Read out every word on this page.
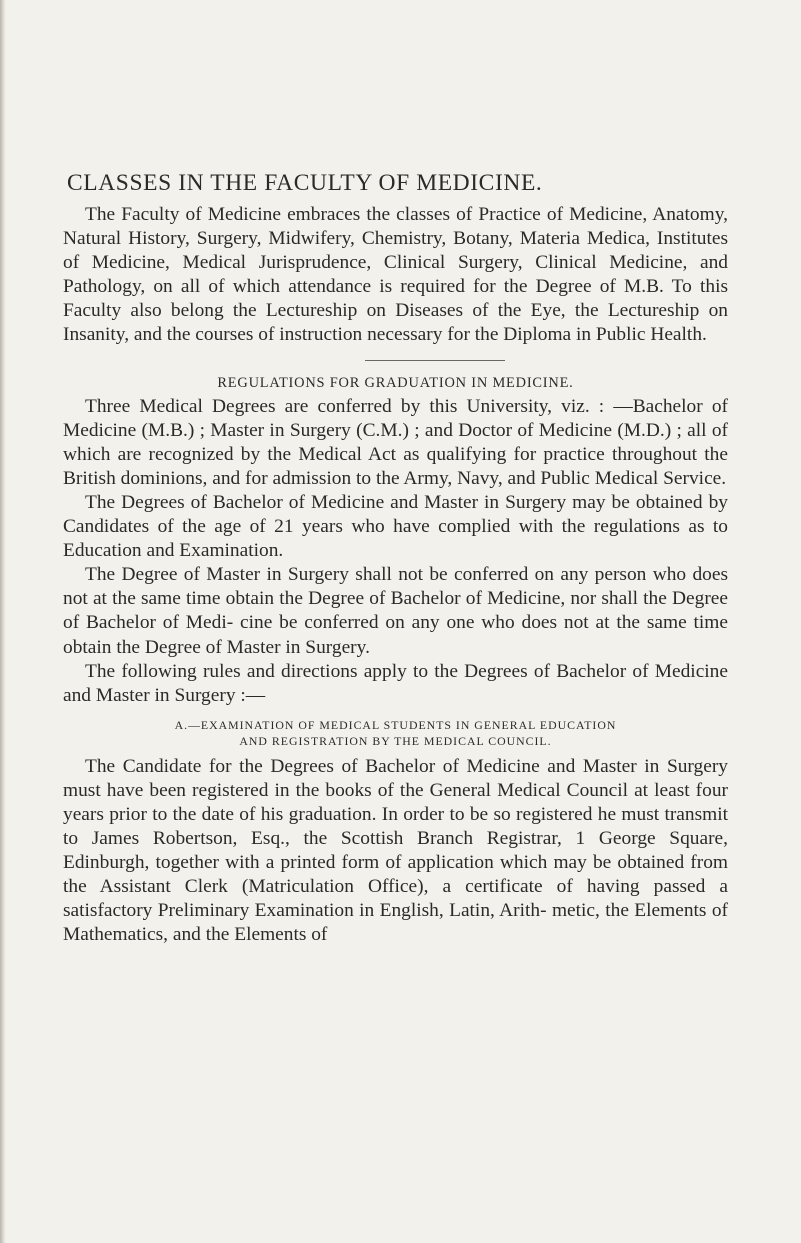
CLASSES IN THE FACULTY OF MEDICINE.

The Faculty of Medicine embraces the classes of Practice of Medicine, Anatomy, Natural History, Surgery, Midwifery, Chemistry, Botany, Materia Medica, Institutes of Medicine, Medical Jurisprudence, Clinical Surgery, Clinical Medicine, and Pathology, on all of which attendance is required for the Degree of M.B. To this Faculty also belong the Lectureship on Diseases of the Eye, the Lectureship on Insanity, and the courses of instruction necessary for the Diploma in Public Health.

REGULATIONS FOR GRADUATION IN MEDICINE.

Three Medical Degrees are conferred by this University, viz. : —Bachelor of Medicine (M.B.) ; Master in Surgery (C.M.) ; and Doctor of Medicine (M.D.) ; all of which are recognized by the Medical Act as qualifying for practice throughout the British dominions, and for admission to the Army, Navy, and Public Medical Service.

The Degrees of Bachelor of Medicine and Master in Surgery may be obtained by Candidates of the age of 21 years who have complied with the regulations as to Education and Examination.

The Degree of Master in Surgery shall not be conferred on any person who does not at the same time obtain the Degree of Bachelor of Medicine, nor shall the Degree of Bachelor of Medi- cine be conferred on any one who does not at the same time obtain the Degree of Master in Surgery.

The following rules and directions apply to the Degrees of Bachelor of Medicine and Master in Surgery :—

A.—EXAMINATION OF MEDICAL STUDENTS IN GENERAL EDUCATION
AND REGISTRATION BY THE MEDICAL COUNCIL.

The Candidate for the Degrees of Bachelor of Medicine and Master in Surgery must have been registered in the books of the General Medical Council at least four years prior to the date of his graduation. In order to be so registered he must transmit to James Robertson, Esq., the Scottish Branch Registrar, 1 George Square, Edinburgh, together with a printed form of application which may be obtained from the Assistant Clerk (Matriculation Office), a certificate of having passed a satisfactory Preliminary Examination in English, Latin, Arith- metic, the Elements of Mathematics, and the Elements of
